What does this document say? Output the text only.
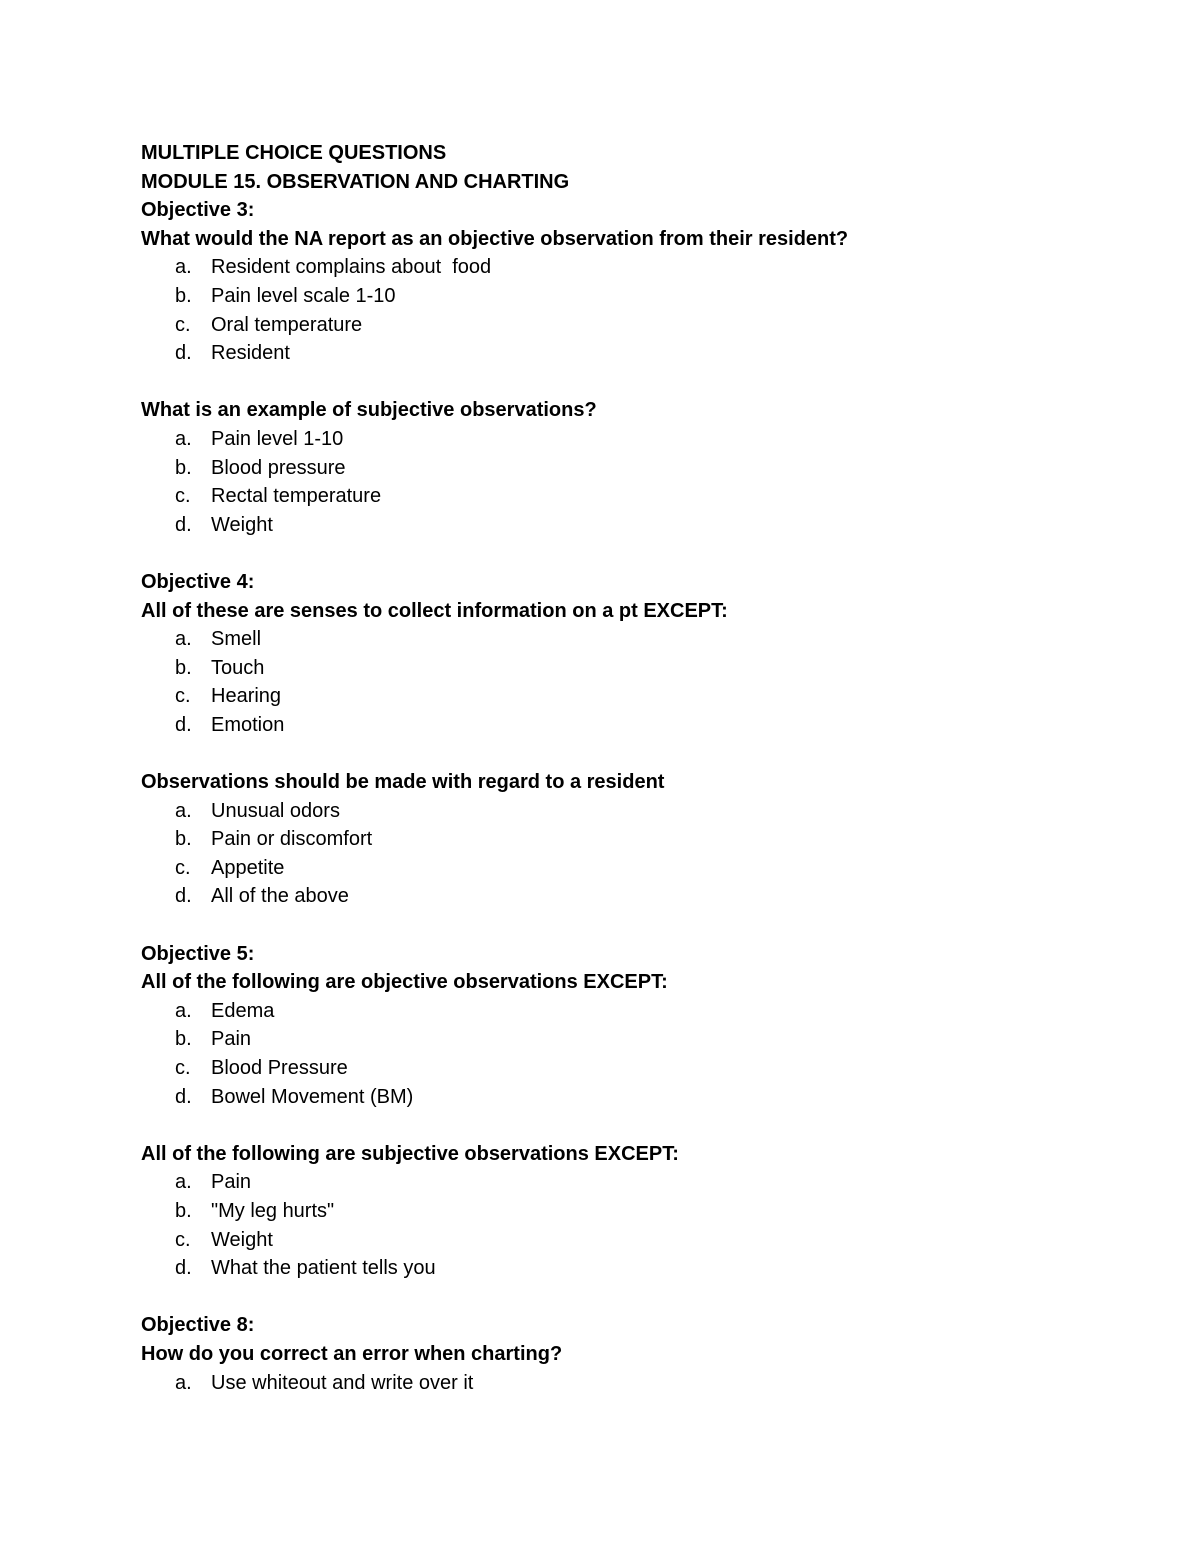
MULTIPLE CHOICE QUESTIONS
MODULE 15. OBSERVATION AND CHARTING
Objective 3:
What would the NA report as an objective observation from their resident?
a. Resident complains about  food
b. Pain level scale 1-10
c. Oral temperature
d. Resident
What is an example of subjective observations?
a. Pain level 1-10
b. Blood pressure
c. Rectal temperature
d. Weight
Objective 4:
All of these are senses to collect information on a pt EXCEPT:
a. Smell
b. Touch
c. Hearing
d. Emotion
Observations should be made with regard to a resident
a. Unusual odors
b. Pain or discomfort
c. Appetite
d. All of the above
Objective 5:
All of the following are objective observations EXCEPT:
a. Edema
b. Pain
c. Blood Pressure
d. Bowel Movement (BM)
All of the following are subjective observations EXCEPT:
a. Pain
b. "My leg hurts"
c. Weight
d. What the patient tells you
Objective 8:
How do you correct an error when charting?
a. Use whiteout and write over it
